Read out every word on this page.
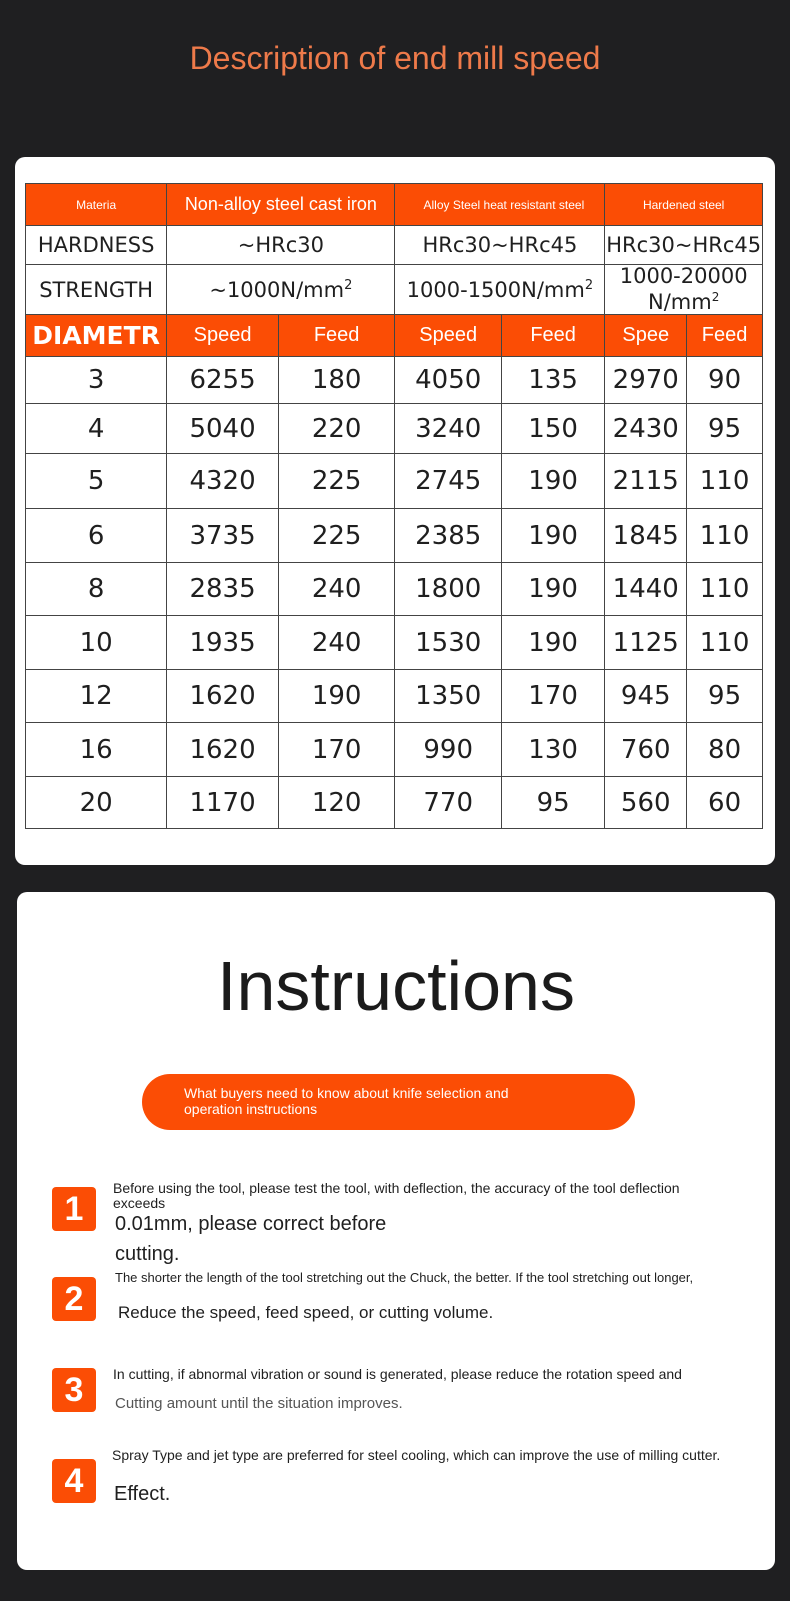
Description of end mill speed
Materia	Non-alloy steel cast iron		Alloy Steel heat resistant steel		Hardened steel	
HARDNESS	~HRc30		HRc30~HRc45		HRc30~HRc45	
STRENGTH	$\sim 1000N/mm^2$		$1000-1500N/mm^2$		1000-20000
$N/mm^2$

DIAMETR	Speed	Feed	Speed	Feed	Spee	Feed
3	6255	180	4050	135	2970	90
4	5040	220	3240	150	2430	95
5	4320	225	2745	190	2115	110
6	3735	225	2385	190	1845	110
8	2835	240	1800	190	1440	110
10	1935	240	1530	190	1125	110
12	1620	190	1350	170	945	95
16	1620	170	990	130	760	80
20	1170	120	770	95	560	60
Instructions
What buyers need to know about knife selection and operation instructions
1
Before using the tool, please test the tool, with deflection, the accuracy of the tool deflection exceeds
0.01mm, please correct before
cutting.
2
The shorter the length of the tool stretching out the Chuck, the better. If the tool stretching out longer,
Reduce the speed, feed speed, or cutting volume.
3	In cutting, if abnormal vibration or sound is generated, please reduce the rotation speed and
Cutting amount until the situation improves.
4
Spray Type and jet type are preferred for steel cooling, which can improve the use of milling cutter.
Effect.
